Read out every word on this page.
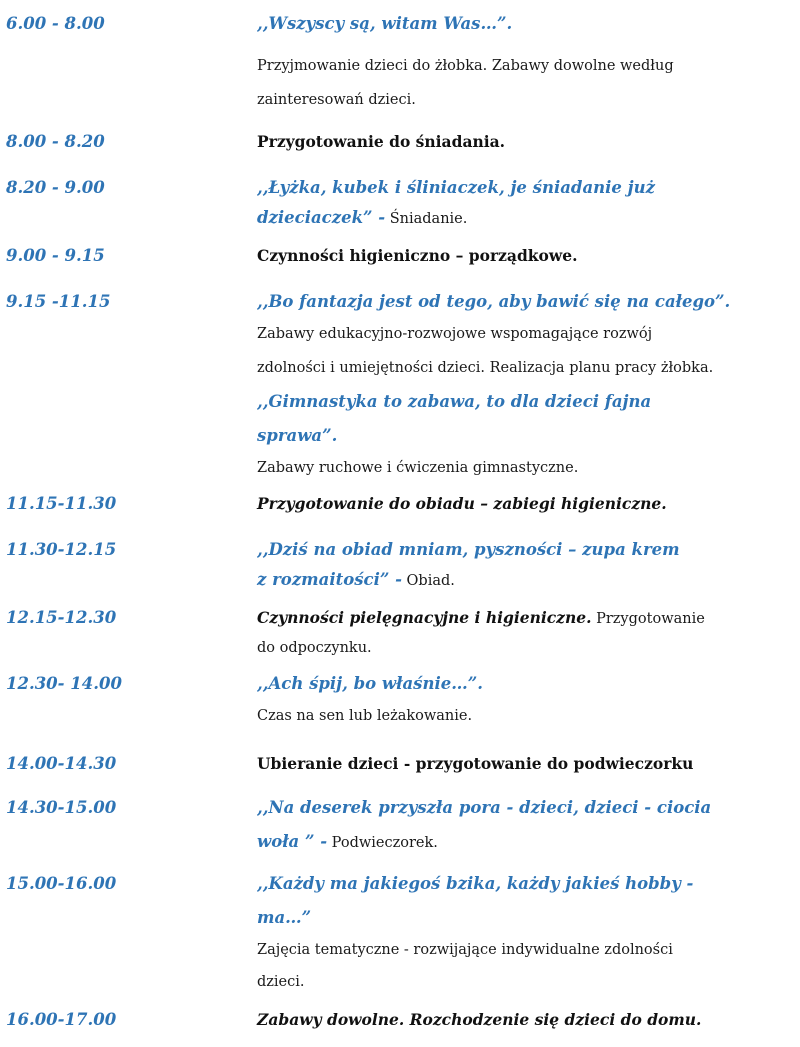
6.00 - 8.00	,,Wszyscy są, witam Was…”.
Przyjmowanie dzieci do żłobka. Zabawy dowolne według
zainteresowań dzieci.
8.00 - 8.20	Przygotowanie do śniadania.
8.20 - 9.00	,,Łyżka, kubek i śliniaczek, je śniadanie już
dzieciaczek” - Śniadanie.
9.00 - 9.15	Czynności higieniczno – porządkowe.
9.15 -11.15	,,Bo fantazja jest od tego, aby bawić się na całego”.
Zabawy edukacyjno-rozwojowe wspomagające rozwój
zdolności i umiejętności dzieci. Realizacja planu pracy żłobka.
,,Gimnastyka to zabawa, to dla dzieci fajna
sprawa”.
Zabawy ruchowe i ćwiczenia gimnastyczne.
11.15-11.30	Przygotowanie do obiadu – zabiegi higieniczne.
11.30-12.15	,,Dziś na obiad mniam, pyszności – zupa krem
z rozmaitości” - Obiad.
12.15-12.30	Czynności pielęgnacyjne i higieniczne. Przygotowanie
do odpoczynku.
12.30- 14.00	,,Ach śpij, bo właśnie…”.
Czas na sen lub leżakowanie.
14.00-14.30	Ubieranie dzieci - przygotowanie do podwieczorku
14.30-15.00	,,Na deserek przyszła pora - dzieci, dzieci - ciocia
woła ” - Podwieczorek.
15.00-16.00	,,Każdy ma jakiegoś bzika, każdy jakieś hobby -
ma…”
Zajęcia tematyczne - rozwijające indywidualne zdolności
dzieci.
16.00-17.00	Zabawy dowolne. Rozchodzenie się dzieci do domu.
